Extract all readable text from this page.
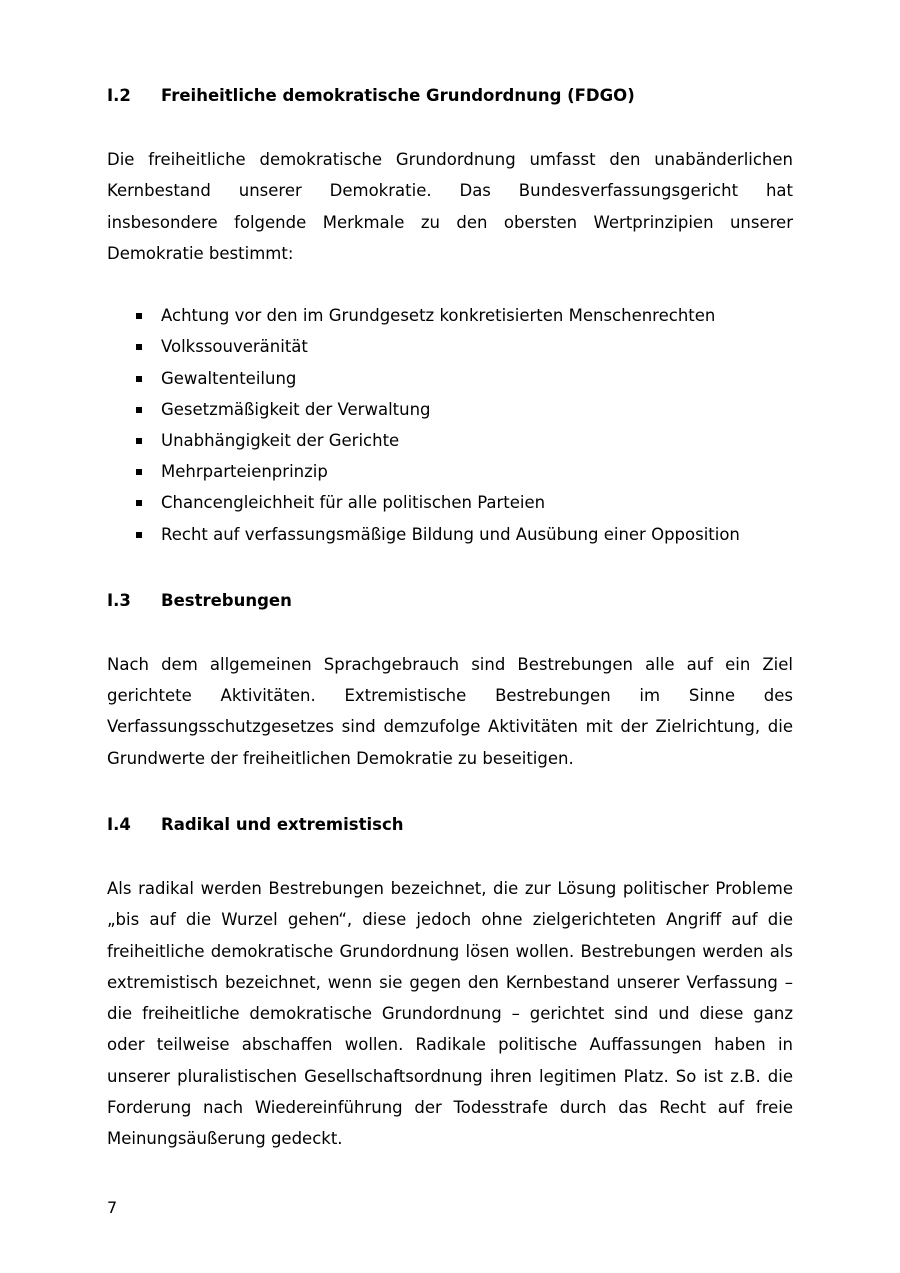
I.2	Freiheitliche demokratische Grundordnung (FDGO)

Die freiheitliche demokratische Grundordnung umfasst den unabänderlichen Kernbestand unserer Demokratie. Das Bundesverfassungsgericht hat insbesondere folgende Merkmale zu den obersten Wertprinzipien unserer Demokratie bestimmt:

Achtung vor den im Grundgesetz konkretisierten Menschenrechten
Volkssouveränität
Gewaltenteilung
Gesetzmäßigkeit der Verwaltung
Unabhängigkeit der Gerichte
Mehrparteienprinzip
Chancengleichheit für alle politischen Parteien
Recht auf verfassungsmäßige Bildung und Ausübung einer Opposition
I.3	Bestrebungen

Nach dem allgemeinen Sprachgebrauch sind Bestrebungen alle auf ein Ziel gerichtete Aktivitäten. Extremistische Bestrebungen im Sinne des Verfassungsschutzgesetzes sind demzufolge Aktivitäten mit der Zielrichtung, die Grundwerte der freiheitlichen Demokratie zu beseitigen.

I.4	Radikal und extremistisch

Als radikal werden Bestrebungen bezeichnet, die zur Lösung politischer Probleme „bis auf die Wurzel gehen“, diese jedoch ohne zielgerichteten Angriff auf die freiheitliche demokratische Grundordnung lösen wollen. Bestrebungen werden als extremistisch bezeichnet, wenn sie gegen den Kernbestand unserer Verfassung – die freiheitliche demokratische Grundordnung – gerichtet sind und diese ganz oder teilweise abschaffen wollen. Radikale politische Auffassungen haben in unserer pluralistischen Gesellschaftsordnung ihren legitimen Platz. So ist z.B. die Forderung nach Wiedereinführung der Todesstrafe durch das Recht auf freie Meinungsäußerung gedeckt.

7
